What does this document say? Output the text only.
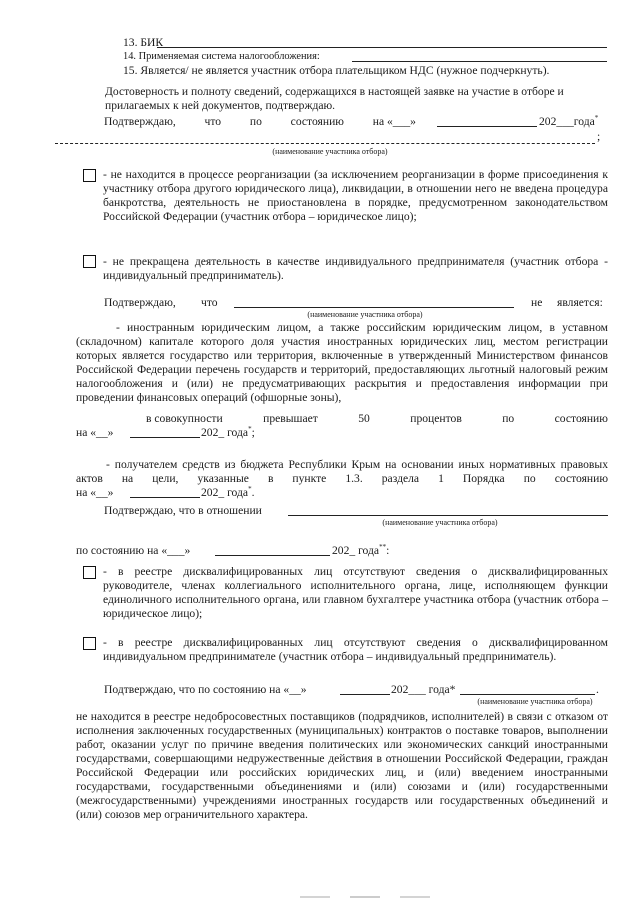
13. БИК
14. Применяемая система налогообложения:
15. Является/ не является участник отбора плательщиком НДС (нужное подчеркнуть).
Достоверность и полноту сведений, содержащихся в настоящей заявке на участие в отборе и прилагаемых к ней документов, подтверждаю.
Подтверждаю, что по состоянию на «___»	202___года*
;
(наименование участника отбора)
- не находится в процессе реорганизации (за исключением реорганизации в форме присоединения к участнику отбора другого юридического лица), ликвидации, в отношении него не введена процедура банкротства, деятельность не приостановлена в порядке, предусмотренном законодательством Российской Федерации (участник отбора – юридическое лицо);
- не прекращена деятельность в качестве индивидуального предпринимателя (участник отбора - индивидуальный предприниматель).
Подтверждаю, что	не является:
(наименование участника отбора)
- иностранным юридическим лицом, а также российским юридическим лицом, в уставном (складочном) капитале которого доля участия иностранных юридических лиц, местом регистрации которых является государство или территория, включенные в утвержденный Министерством финансов Российской Федерации перечень государств и территорий, предоставляющих льготный налоговый режим налогообложения и (или) не предусматривающих раскрытия и предоставления информации при проведении финансовых операций (офшорные зоны),
в совокупности	превышает	50	процентов	по	состоянию
на «__»	202_ года*;
- получателем средств из бюджета Республики Крым на основании иных нормативных правовых актов на цели, указанные в пункте 1.3. раздела 1 Порядка по состоянию
на «__»	202_ года*.
Подтверждаю, что в отношении
(наименование участника отбора)
по состоянию на «___»	202_ года**:
- в реестре дисквалифицированных лиц отсутствуют сведения о дисквалифицированных руководителе, членах коллегиального исполнительного органа, лице, исполняющем функции единоличного исполнительного органа, или главном бухгалтере участника отбора (участник отбора – юридическое лицо);
- в реестре дисквалифицированных лиц отсутствуют сведения о дисквалифицированном индивидуальном предпринимателе (участник отбора – индивидуальный предприниматель).
Подтверждаю, что по состоянию на «__»	202___ года*	.
(наименование участника отбора)
не находится в реестре недобросовестных поставщиков (подрядчиков, исполнителей) в связи с отказом от исполнения заключенных государственных (муниципальных) контрактов о поставке товаров, выполнении работ, оказании услуг по причине введения политических или экономических санкций иностранными государствами, совершающими недружественные действия в отношении Российской Федерации, граждан Российской Федерации или российских юридических лиц, и (или) введением иностранными государствами, государственными объединениями и (или) союзами и (или) государственными (межгосударственными) учреждениями иностранных государств или государственных объединений и (или) союзов мер ограничительного характера.
